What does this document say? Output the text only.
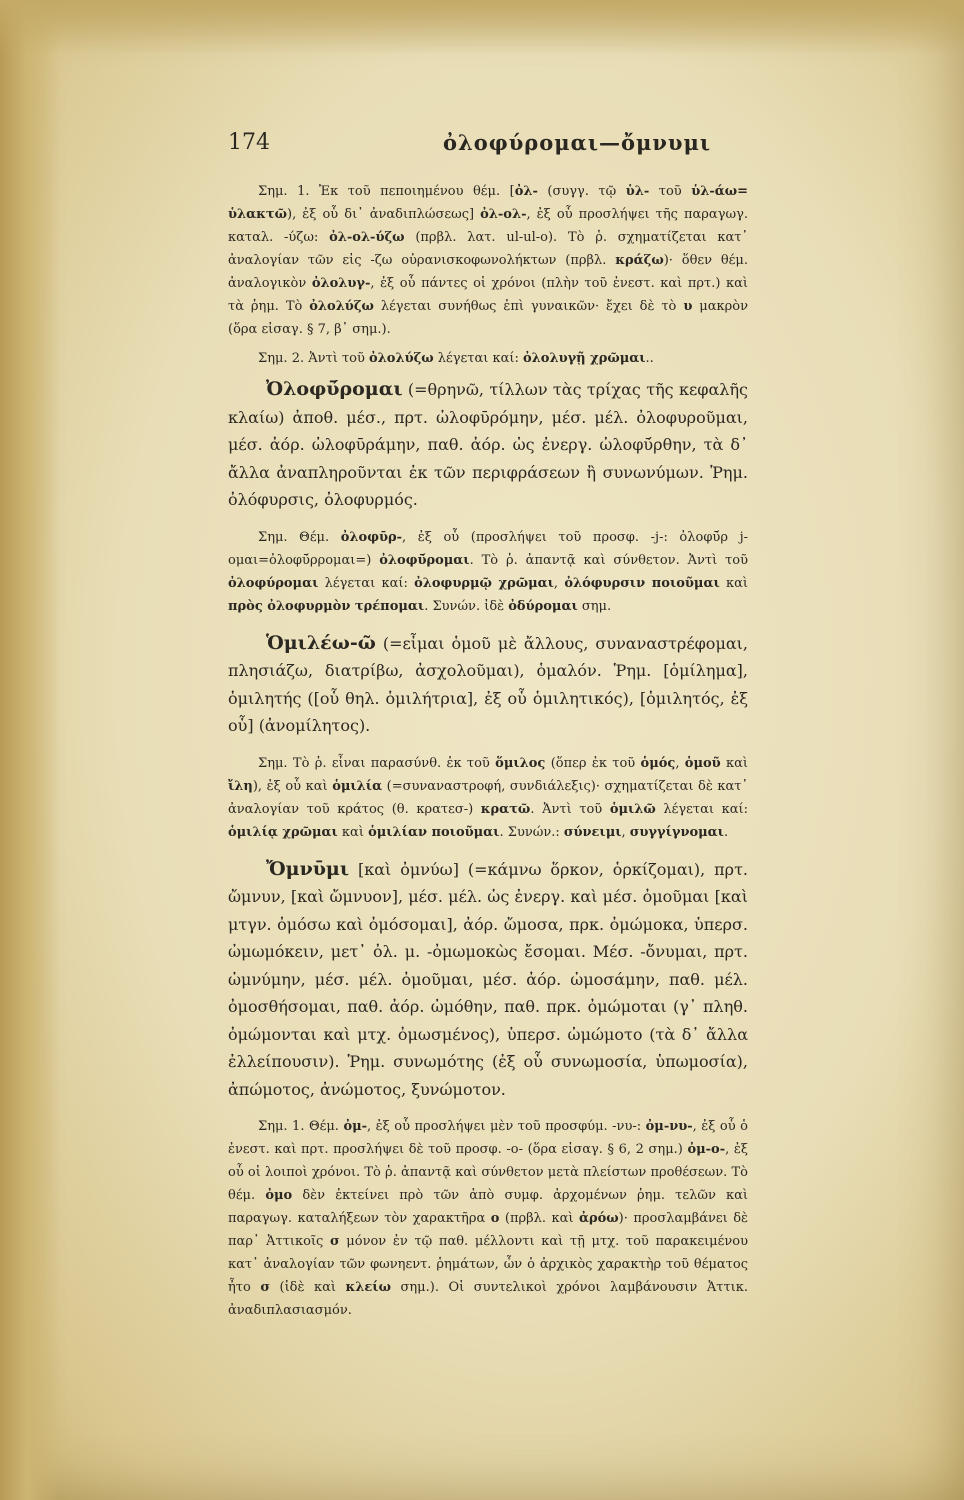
174	ὀλοφύρομαι—ὄμνυμι

Σημ. 1. Ἐκ τοῦ πεποιημένου θέμ. [ὀλ- (συγγ. τῷ ὑλ- τοῦ ὑλ-άω= ὑλακτῶ), ἐξ οὗ δι᾽ ἀναδιπλώσεως] ὀλ-ολ-, ἐξ οὗ προσλήψει τῆς παραγωγ. καταλ. -ύζω: ὀλ-ολ-ύζω (πρβλ. λατ. ul-ul-o). Τὸ ῥ. σχηματίζεται κατ᾽ ἀναλογίαν τῶν εἰς -ζω οὐρανισκοφωνολήκτων (πρβλ. κράζω)· ὅθεν θέμ. ἀναλογικὸν ὀλολυγ-, ἐξ οὗ πάντες οἱ χρόνοι (πλὴν τοῦ ἐνεστ. καὶ πρτ.) καὶ τὰ ῥημ. Τὸ ὀλολύζω λέγεται συνήθως ἐπὶ γυναικῶν· ἔχει δὲ τὸ υ μακρὸν (ὅρα εἰσαγ. § 7, β᾽ σημ.).

Σημ. 2. Ἀντὶ τοῦ ὀλολύζω λέγεται καί: ὀλολυγῇ χρῶμαι..

Ὀλοφῡ́ρομαι (=θρηνῶ, τίλλων τὰς τρίχας τῆς κεφαλῆς κλαίω) ἀποθ. μέσ., πρτ. ὠλοφῡρόμην, μέσ. μέλ. ὀλοφυροῦμαι, μέσ. ἀόρ. ὠλοφῡράμην, παθ. ἀόρ. ὡς ἐνεργ. ὠλοφῡ́ρθην, τὰ δ᾽ ἄλλα ἀναπληροῦνται ἐκ τῶν περιφράσεων ἢ συνωνύμων. Ῥημ. ὀλόφυρσις, ὀλοφυρμός.

Σημ. Θέμ. ὀλοφῡρ-, ἐξ οὗ (προσλήψει τοῦ προσφ. -j-: ὀλοφῡ́ρ j-ομαι=ὀλοφῡ́ρρομαι=) ὀλοφῡ́ρομαι. Τὸ ῥ. ἀπαντᾷ καὶ σύνθετον. Ἀντὶ τοῦ ὀλοφύρομαι λέγεται καί: ὀλοφυρμῷ χρῶμαι, ὀλόφυρσιν ποιοῦμαι καὶ πρὸς ὀλοφυρμὸν τρέπομαι. Συνών. ἰδὲ ὀδύρομαι σημ.

Ὁμιλέω-ῶ (=εἶμαι ὁμοῦ μὲ ἄλλους, συναναστρέφομαι, πλησιάζω, διατρίβω, ἀσχολοῦμαι), ὁμαλόν. Ῥημ. [ὁμίλημα], ὁμιλητής ([οὗ θηλ. ὁμιλήτρια], ἐξ οὗ ὁμιλητικός), [ὁμιλητός, ἐξ οὗ] (ἀνομίλητος).

Σημ. Τὸ ῥ. εἶναι παρασύνθ. ἐκ τοῦ ὅμιλος (ὅπερ ἐκ τοῦ ὁμός, ὁμοῦ καὶ ἴλη), ἐξ οὗ καὶ ὁμιλία (=συναναστροφή, συνδιάλεξις)· σχηματίζεται δὲ κατ᾽ ἀναλογίαν τοῦ κράτος (θ. κρατεσ-) κρατῶ. Ἀντὶ τοῦ ὁμιλῶ λέγεται καί: ὁμιλίᾳ χρῶμαι καὶ ὁμιλίαν ποιοῦμαι. Συνών.: σύνειμι, συγγίγνομαι.

Ὄμνῡμι [καὶ ὀμνύω] (=κάμνω ὅρκον, ὁρκίζομαι), πρτ. ὤμνυν, [καὶ ὤμνυον], μέσ. μέλ. ὡς ἐνεργ. καὶ μέσ. ὀμοῦμαι [καὶ μτγν. ὀμόσω καὶ ὀμόσομαι], ἀόρ. ὤμοσα, πρκ. ὀμώμοκα, ὑπερσ. ὠμωμόκειν, μετ᾽ ὀλ. μ. -ὀμωμοκὼς ἔσομαι. Μέσ. -ὄνυμαι, πρτ. ὠμνύμην, μέσ. μέλ. ὀμοῦμαι, μέσ. ἀόρ. ὠμοσάμην, παθ. μέλ. ὀμοσθήσομαι, παθ. ἀόρ. ὠμόθην, παθ. πρκ. ὀμώμοται (γ᾽ πληθ. ὀμώμονται καὶ μτχ. ὀμωσμένος), ὑπερσ. ὠμώμοτο (τὰ δ᾽ ἄλλα ἐλλείπουσιν). Ῥημ. συνωμότης (ἐξ οὗ συνωμοσία, ὑπωμοσία), ἀπώμοτος, ἀνώμοτος, ξυνώμοτον.

Σημ. 1. Θέμ. ὀμ-, ἐξ οὗ προσλήψει μὲν τοῦ προσφύμ. -νυ-: ὀμ-νυ-, ἐξ οὗ ὁ ἐνεστ. καὶ πρτ. προσλήψει δὲ τοῦ προσφ. -ο- (ὅρα εἰσαγ. § 6, 2 σημ.) ὀμ-ο-, ἐξ οὗ οἱ λοιποὶ χρόνοι. Τὸ ῥ. ἀπαντᾷ καὶ σύνθετον μετὰ πλείστων προθέσεων. Τὸ θέμ. ὀμο δὲν ἐκτείνει πρὸ τῶν ἀπὸ συμφ. ἀρχομένων ῥημ. τελῶν καὶ παραγωγ. καταλήξεων τὸν χαρακτῆρα ο (πρβλ. καὶ ἀρόω)· προσλαμβάνει δὲ παρ᾽ Ἀττικοῖς σ μόνον ἐν τῷ παθ. μέλλοντι καὶ τῇ μτχ. τοῦ παρακειμένου κατ᾽ ἀναλογίαν τῶν φωνηεντ. ῥημάτων, ὧν ὁ ἀρχικὸς χαρακτὴρ τοῦ θέματος ἦτο σ (ἰδὲ καὶ κλείω σημ.). Οἱ συντελικοὶ χρόνοι λαμβάνουσιν Ἀττικ. ἀναδιπλασιασμόν.
